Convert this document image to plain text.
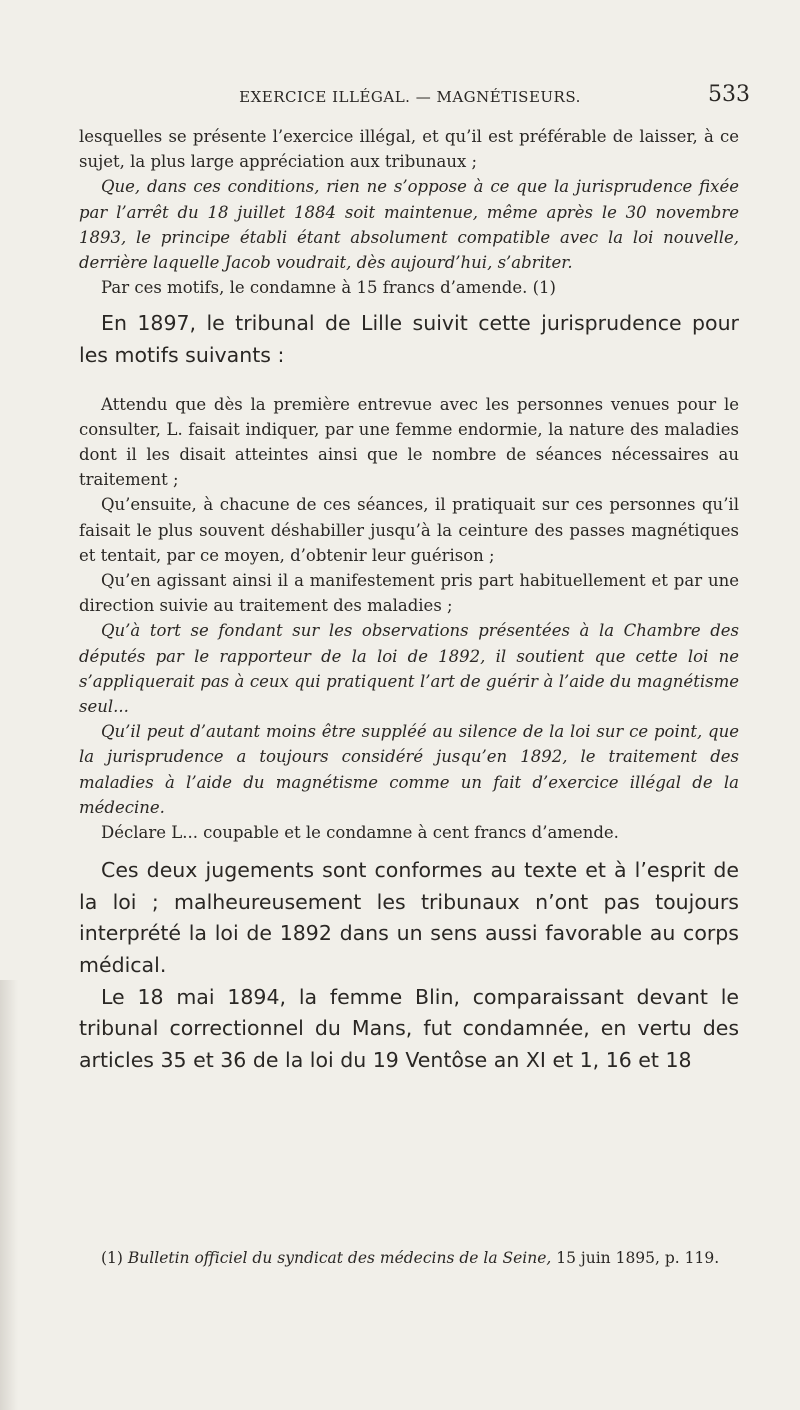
EXERCICE ILLÉGAL. — MAGNÉTISEURS.	533

lesquelles se présente l’exercice illégal, et qu’il est préférable de laisser, à ce sujet, la plus large appréciation aux tribunaux ;

Que, dans ces conditions, rien ne s’oppose à ce que la jurisprudence fixée par l’arrêt du 18 juillet 1884 soit maintenue, même après le 30 novembre 1893, le principe établi étant absolument compatible avec la loi nouvelle, derrière laquelle Jacob voudrait, dès aujourd’hui, s’abriter.

Par ces motifs, le condamne à 15 francs d’amende. (1)

En 1897, le tribunal de Lille suivit cette jurisprudence pour les motifs suivants :

Attendu que dès la première entrevue avec les personnes venues pour le consulter, L. faisait indiquer, par une femme endormie, la nature des maladies dont il les disait atteintes ainsi que le nombre de séances nécessaires au traitement ;

Qu’ensuite, à chacune de ces séances, il pratiquait sur ces personnes qu’il faisait le plus souvent déshabiller jusqu’à la ceinture des passes magnétiques et tentait, par ce moyen, d’obtenir leur guérison ;

Qu’en agissant ainsi il a manifestement pris part habituellement et par une direction suivie au traitement des maladies ;

Qu’à tort se fondant sur les observations présentées à la Chambre des députés par le rapporteur de la loi de 1892, il soutient que cette loi ne s’appliquerait pas à ceux qui pratiquent l’art de guérir à l’aide du magnétisme seul...

Qu’il peut d’autant moins être suppléé au silence de la loi sur ce point, que la jurisprudence a toujours considéré jusqu’en 1892, le traitement des maladies à l’aide du magnétisme comme un fait d’exercice illégal de la médecine.

Déclare L... coupable et le condamne à cent francs d’amende.

Ces deux jugements sont conformes au texte et à l’esprit de la loi ; malheureusement les tribunaux n’ont pas toujours interprété la loi de 1892 dans un sens aussi favorable au corps médical.

Le 18 mai 1894, la femme Blin, comparaissant devant le tribunal correctionnel du Mans, fut condamnée, en vertu des articles 35 et 36 de la loi du 19 Ventôse an XI et 1, 16 et 18

(1) Bulletin officiel du syndicat des médecins de la Seine, 15 juin 1895, p. 119.
